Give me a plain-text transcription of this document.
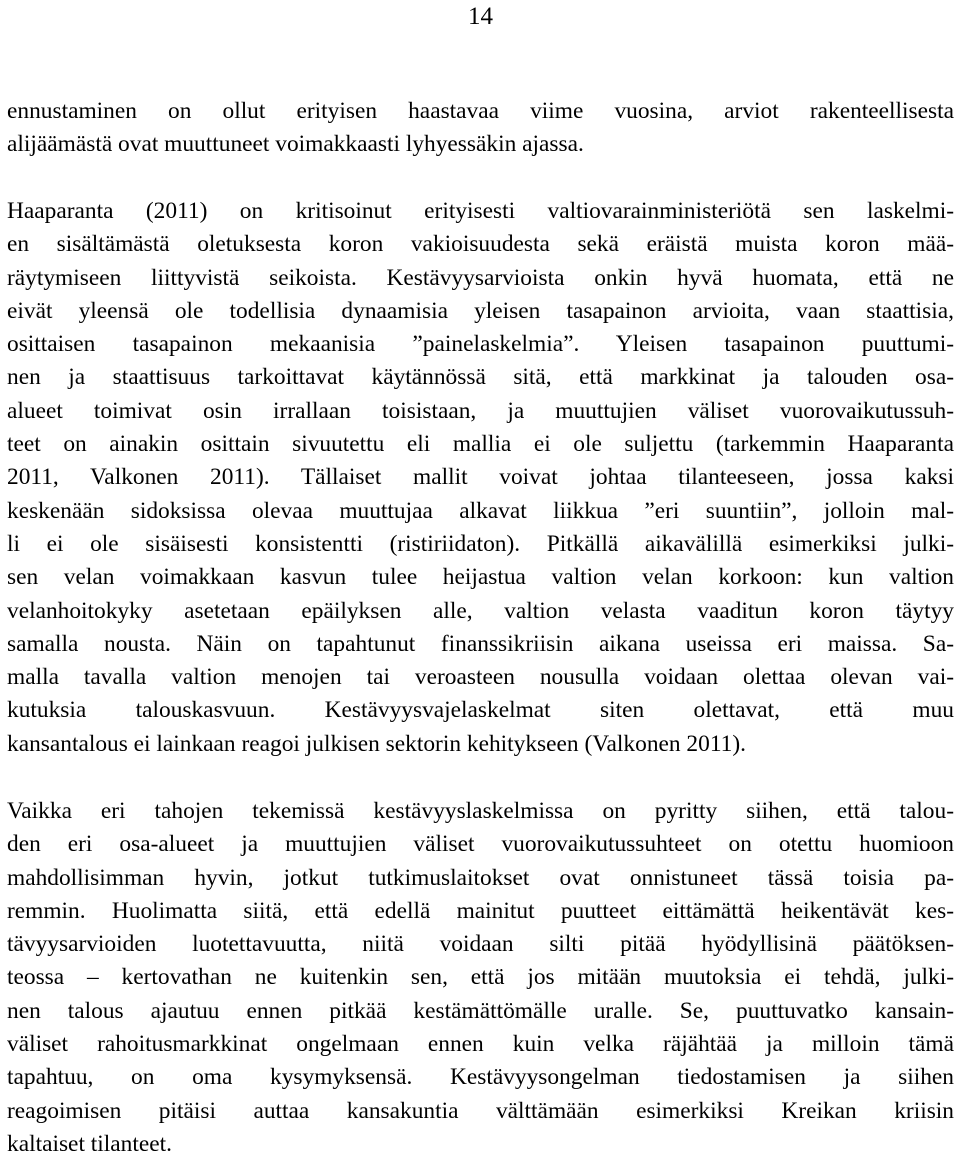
14
ennustaminen on ollut erityisen haastavaa viime vuosina, arviot rakenteellisesta
alijäämästä ovat muuttuneet voimakkaasti lyhyessäkin ajassa.
Haaparanta (2011) on kritisoinut erityisesti valtiovarainministeriötä sen laskelmi-
en sisältämästä oletuksesta koron vakioisuudesta sekä eräistä muista koron mää-
räytymiseen liittyvistä seikoista. Kestävyysarvioista onkin hyvä huomata, että ne
eivät yleensä ole todellisia dynaamisia yleisen tasapainon arvioita, vaan staattisia,
osittaisen tasapainon mekaanisia ”painelaskelmia”. Yleisen tasapainon puuttumi-
nen ja staattisuus tarkoittavat käytännössä sitä, että markkinat ja talouden osa-
alueet toimivat osin irrallaan toisistaan, ja muuttujien väliset vuorovaikutussuh-
teet on ainakin osittain sivuutettu eli mallia ei ole suljettu (tarkemmin Haaparanta
2011, Valkonen 2011). Tällaiset mallit voivat johtaa tilanteeseen, jossa kaksi
keskenään sidoksissa olevaa muuttujaa alkavat liikkua ”eri suuntiin”, jolloin mal-
li ei ole sisäisesti konsistentti (ristiriidaton). Pitkällä aikavälillä esimerkiksi julki-
sen velan voimakkaan kasvun tulee heijastua valtion velan korkoon: kun valtion
velanhoitokyky asetetaan epäilyksen alle, valtion velasta vaaditun koron täytyy
samalla nousta. Näin on tapahtunut finanssikriisin aikana useissa eri maissa. Sa-
malla tavalla valtion menojen tai veroasteen nousulla voidaan olettaa olevan vai-
kutuksia talouskasvuun. Kestävyysvajelaskelmat siten olettavat, että muu
kansantalous ei lainkaan reagoi julkisen sektorin kehitykseen (Valkonen 2011).
Vaikka eri tahojen tekemissä kestävyyslaskelmissa on pyritty siihen, että talou-
den eri osa-alueet ja muuttujien väliset vuorovaikutussuhteet on otettu huomioon
mahdollisimman hyvin, jotkut tutkimuslaitokset ovat onnistuneet tässä toisia pa-
remmin. Huolimatta siitä, että edellä mainitut puutteet eittämättä heikentävät kes-
tävyysarvioiden luotettavuutta, niitä voidaan silti pitää hyödyllisinä päätöksen-
teossa – kertovathan ne kuitenkin sen, että jos mitään muutoksia ei tehdä, julki-
nen talous ajautuu ennen pitkää kestämättömälle uralle. Se, puuttuvatko kansain-
väliset rahoitusmarkkinat ongelmaan ennen kuin velka räjähtää ja milloin tämä
tapahtuu, on oma kysymyksensä. Kestävyysongelman tiedostamisen ja siihen
reagoimisen pitäisi auttaa kansakuntia välttämään esimerkiksi Kreikan kriisin
kaltaiset tilanteet.
